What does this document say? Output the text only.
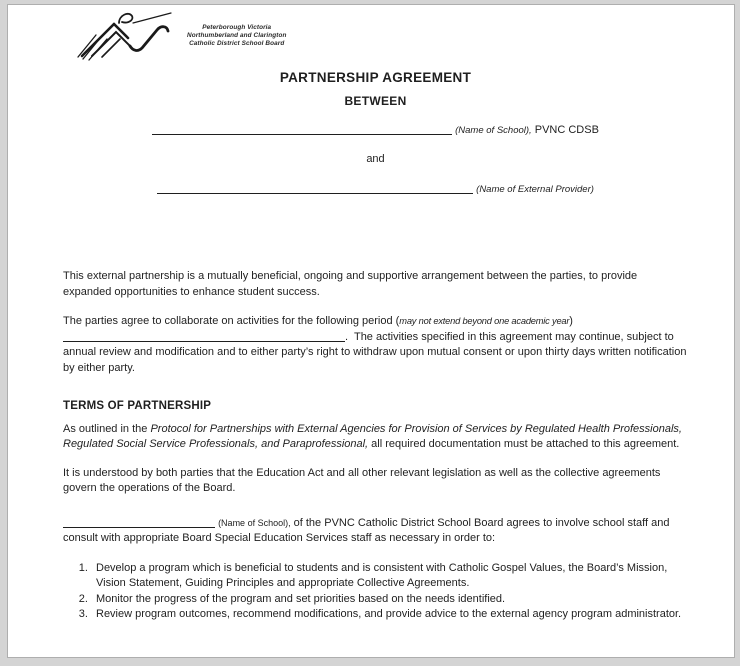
Peterborough Victoria
Northumberland and Clarington
Catholic District School Board
PARTNERSHIP AGREEMENT
BETWEEN
(Name of School), PVNC CDSB
and
(Name of External Provider)

This external partnership is a mutually beneficial, ongoing and supportive arrangement between the parties, to provide expanded opportunities to enhance student success.

The parties agree to collaborate on activities for the following period (may not extend beyond one academic year)
.  The activities specified in this agreement may continue, subject to annual review and modification and to either party’s right to withdraw upon mutual consent or upon thirty days written notification by either party.

TERMS OF PARTNERSHIP

As outlined in the Protocol for Partnerships with External Agencies for Provision of Services by Regulated Health Professionals, Regulated Social Service Professionals, and Paraprofessional, all required documentation must be attached to this agreement.

It is understood by both parties that the Education Act and all other relevant legislation as well as the collective agreements govern the operations of the Board.

(Name of School), of the PVNC Catholic District School Board agrees to involve school staff and consult with appropriate Board Special Education Services staff as necessary in order to:

1. Develop a program which is beneficial to students and is consistent with Catholic Gospel Values, the Board’s Mission, Vision Statement, Guiding Principles and appropriate Collective Agreements.
2. Monitor the progress of the program and set priorities based on the needs identified.
3. Review program outcomes, recommend modifications, and provide advice to the external agency program administrator.
